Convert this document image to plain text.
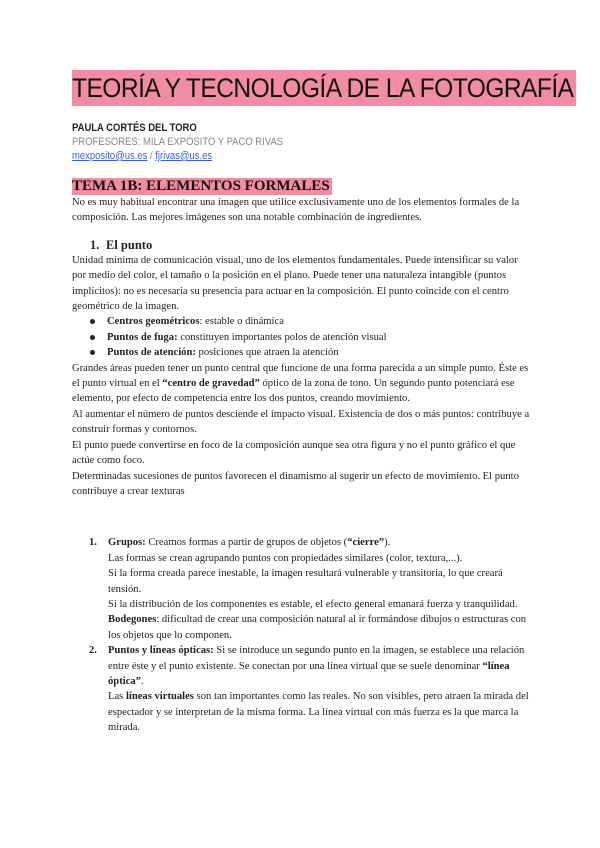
TEORÍA Y TECNOLOGÍA DE LA FOTOGRAFÍA
PAULA CORTÉS DEL TORO
PROFESORES: MILA EXPÓSITO Y PACO RIVAS
mexposito@us.es / fjrivas@us.es
TEMA 1B: ELEMENTOS FORMALES

No es muy habitual encontrar una imagen que utilice exclusivamente uno de los elementos formales de la composición. Las mejores imágenes son una notable combinación de ingredientes.

1. El punto

Unidad mínima de comunicación visual, uno de los elementos fundamentales. Puede intensificar su valor por medio del color, el tamaño o la posición en el plano. Puede tener una naturaleza intangible (puntos implícitos): no es necesaria su presencia para actuar en la composición. El punto coincide con el centro geométrico de la imagen.

Centros geométricos: estable o dinámica
Puntos de fuga: constituyen importantes polos de atención visual
Puntos de atención: posiciones que atraen la atención

Grandes áreas pueden tener un punto central que funcione de una forma parecida a un simple punto. Éste es el punto virtual en el “centro de gravedad” óptico de la zona de tono. Un segundo punto potenciará ese elemento, por efecto de competencia entre los dos puntos, creando movimiento.

Al aumentar el número de puntos desciende el impacto visual. Existencia de dos o más puntos: contribuye a construir formas y contornos.

El punto puede convertirse en foco de la composición aunque sea otra figura y no el punto gráfico el que actúe como foco.

Determinadas sucesiones de puntos favorecen el dinamismo al sugerir un efecto de movimiento. El punto contribuye a crear texturas

1. Grupos: Creamos formas a partir de grupos de objetos (“cierre”).
Las formas se crean agrupando puntos con propiedades similares (color, textura,...).
Si la forma creada parece inestable, la imagen resultará vulnerable y transitoria, lo que creará tensión.
Si la distribución de los componentes es estable, el efecto general emanará fuerza y tranquilidad.
Bodegones: dificultad de crear una composición natural al ir formándose dibujos o estructuras con los objetos que lo componen.
2. Puntos y líneas ópticas: Si se introduce un segundo punto en la imagen, se establece una relación entre éste y el punto existente. Se conectan por una línea virtual que se suele denominar “línea óptica”.
Las líneas virtuales son tan importantes como las reales. No son visibles, pero atraen la mirada del espectador y se interpretan de la misma forma. La línea virtual con más fuerza es la que marca la mirada.
